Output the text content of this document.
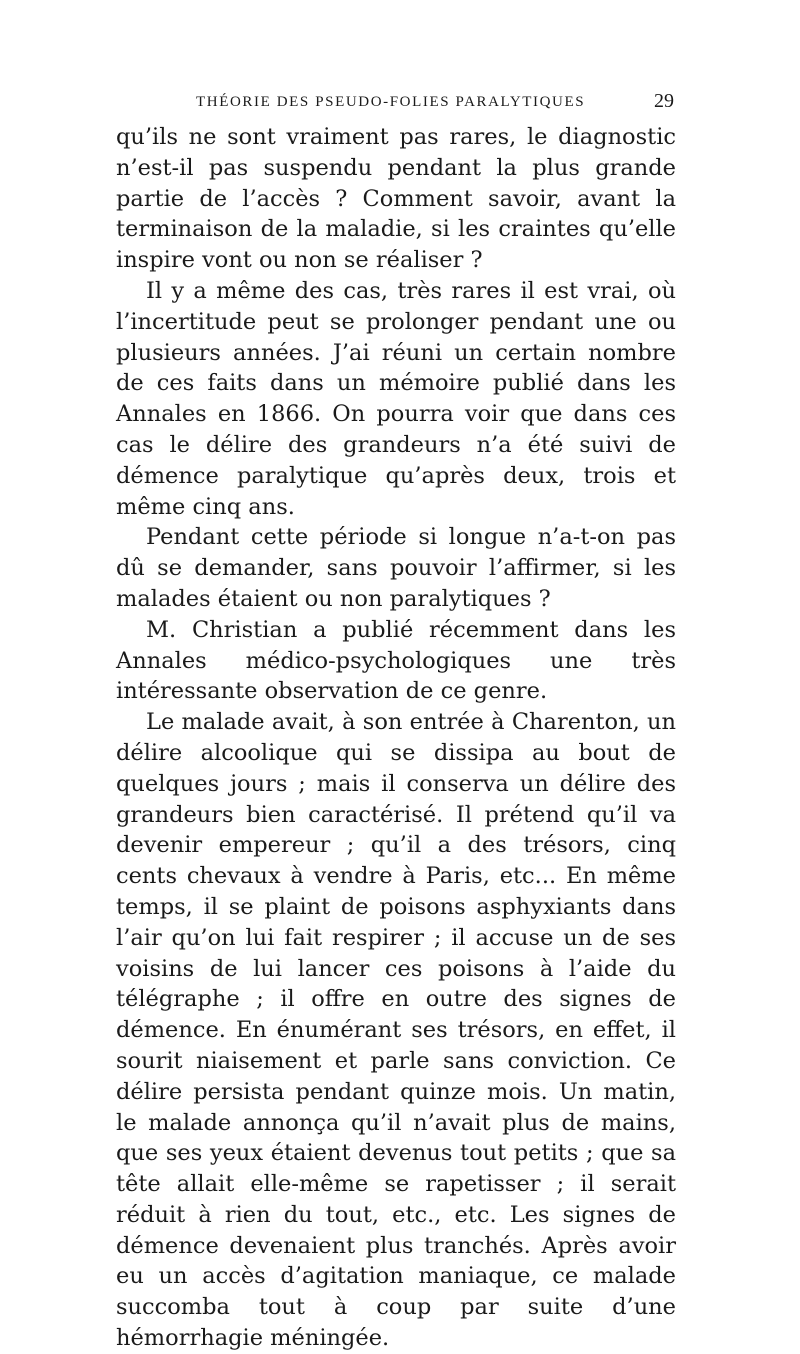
THÉORIE DES PSEUDO-FOLIES PARALYTIQUES	29

qu’ils ne sont vraiment pas rares, le diagnostic n’est-il pas suspendu pendant la plus grande partie de l’accès ? Comment savoir, avant la terminaison de la maladie, si les craintes qu’elle inspire vont ou non se réaliser ?

Il y a même des cas, très rares il est vrai, où l’incertitude peut se prolonger pendant une ou plusieurs années. J’ai réuni un certain nombre de ces faits dans un mémoire publié dans les Annales en 1866. On pourra voir que dans ces cas le délire des grandeurs n’a été suivi de démence paralytique qu’après deux, trois et même cinq ans.

Pendant cette période si longue n’a-t-on pas dû se demander, sans pouvoir l’affirmer, si les malades étaient ou non paralytiques ?

M. Christian a publié récemment dans les Annales médico-psychologiques une très intéressante observation de ce genre.

Le malade avait, à son entrée à Charenton, un délire alcoolique qui se dissipa au bout de quelques jours ; mais il conserva un délire des grandeurs bien caractérisé. Il prétend qu’il va devenir empereur ; qu’il a des trésors, cinq cents chevaux à vendre à Paris, etc... En même temps, il se plaint de poisons asphyxiants dans l’air qu’on lui fait respirer ; il accuse un de ses voisins de lui lancer ces poisons à l’aide du télégraphe ; il offre en outre des signes de démence. En énumérant ses trésors, en effet, il sourit niaisement et parle sans conviction. Ce délire persista pendant quinze mois. Un matin, le malade annonça qu’il n’avait plus de mains, que ses yeux étaient devenus tout petits ; que sa tête allait elle-même se rapetisser ; il serait réduit à rien du tout, etc., etc. Les signes de démence devenaient plus tranchés. Après avoir eu un accès d’agitation maniaque, ce malade succomba tout à coup par suite d’une hémorrhagie méningée.
